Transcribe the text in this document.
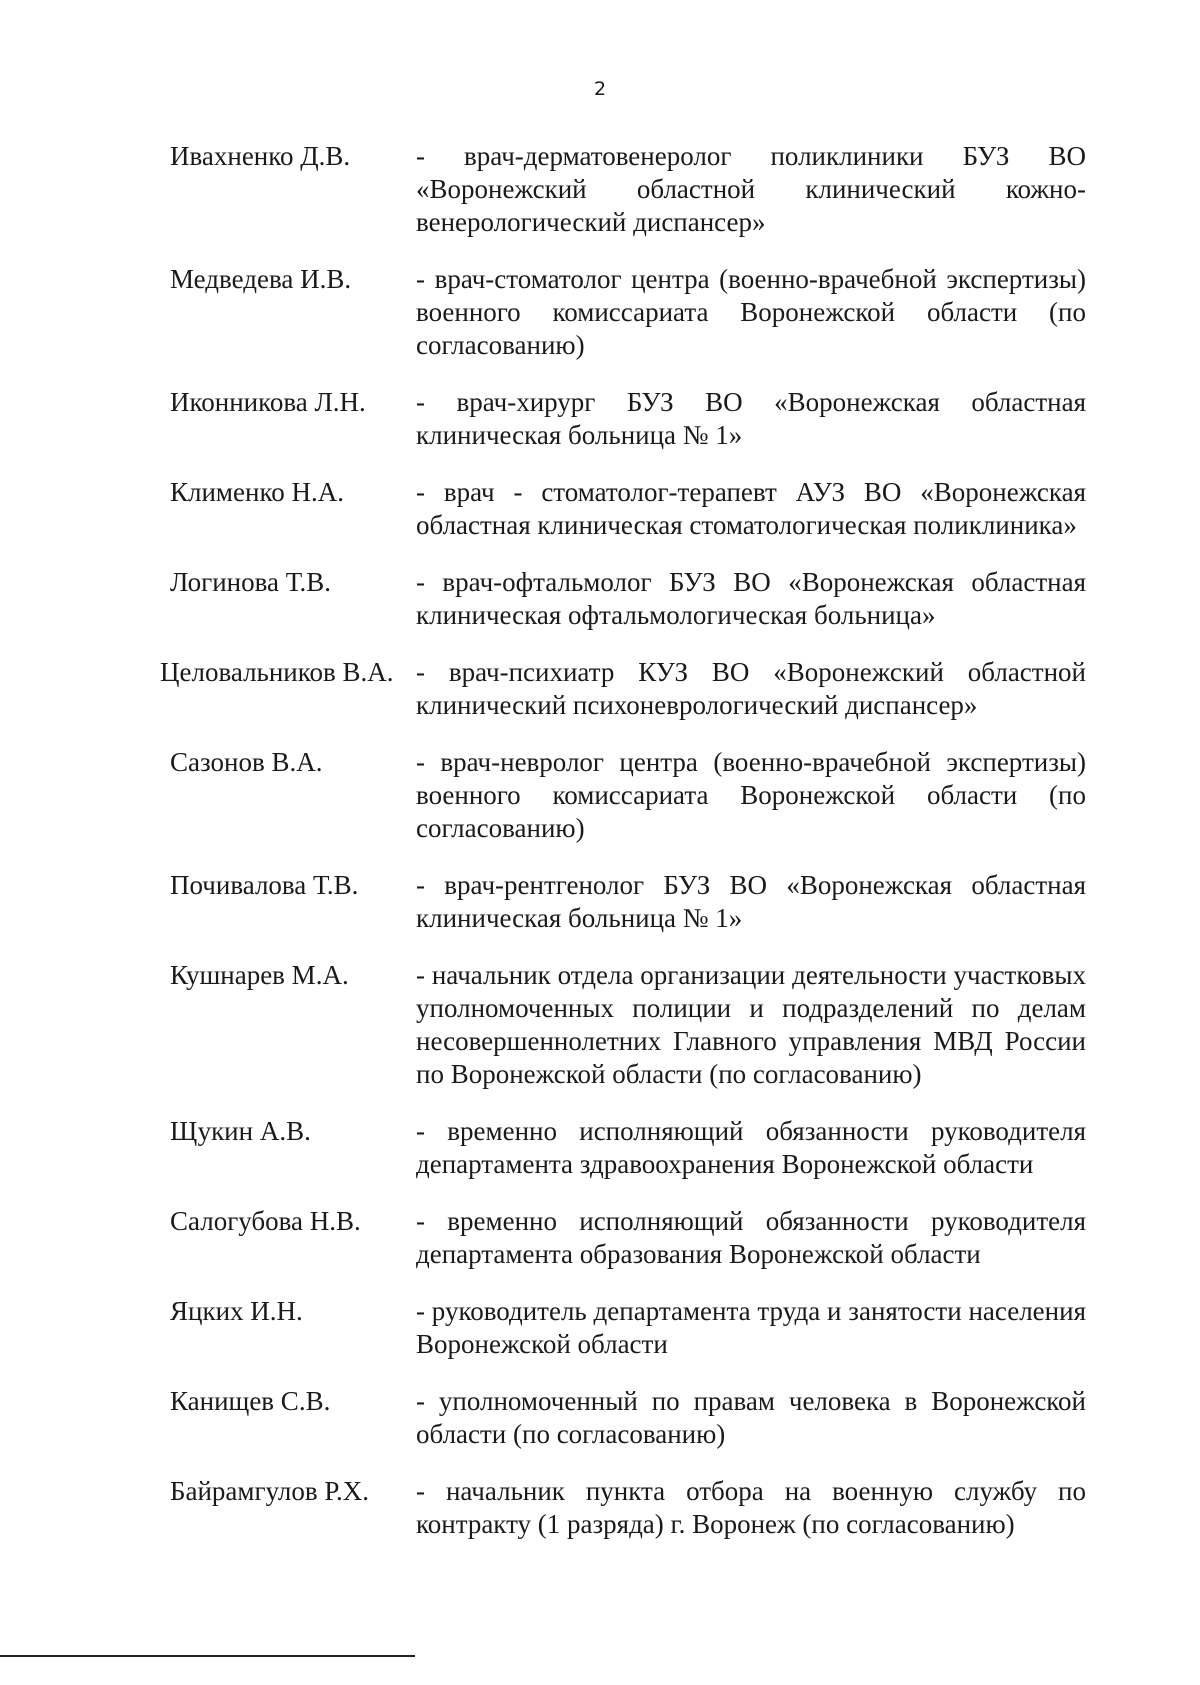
2
Ивахненко Д.В. - врач-дерматовенеролог поликлиники БУЗ ВО «Воронежский областной клинический кожно-венерологический диспансер»
Медведева И.В. - врач-стоматолог центра (военно-врачебной экспертизы) военного комиссариата Воронежской области (по согласованию)
Иконникова Л.Н. - врач-хирург БУЗ ВО «Воронежская областная клиническая больница № 1»
Клименко Н.А.	- врач - стоматолог-терапевт АУЗ ВО «Воронежская областная клиническая стоматологическая поликлиника»
Логинова Т.В.	- врач-офтальмолог БУЗ ВО «Воронежская областная клиническая офтальмологическая больница»
Целовальников В.А. - врач-психиатр КУЗ ВО «Воронежский областной клинический психоневрологический диспансер»
Сазонов В.А.	- врач-невролог центра (военно-врачебной экспертизы) военного комиссариата Воронежской области (по согласованию)
Почивалова Т.В. - врач-рентгенолог БУЗ ВО «Воронежская областная клиническая больница № 1»
Кушнарев М.А. - начальник отдела организации деятельности участковых уполномоченных полиции и подразделений по делам несовершеннолетних Главного управления МВД России по Воронежской области (по согласованию)
Щукин А.В.	- временно исполняющий обязанности руководителя департамента здравоохранения Воронежской области
Салогубова Н.В. - временно исполняющий обязанности руководителя департамента образования Воронежской области
Яцких И.Н.	- руководитель департамента труда и занятости населения Воронежской области
Канищев С.В.	- уполномоченный по правам человека в Воронежской области (по согласованию)
Байрамгулов Р.Х. - начальник пункта отбора на военную службу по контракту (1 разряда) г. Воронеж (по согласованию)
